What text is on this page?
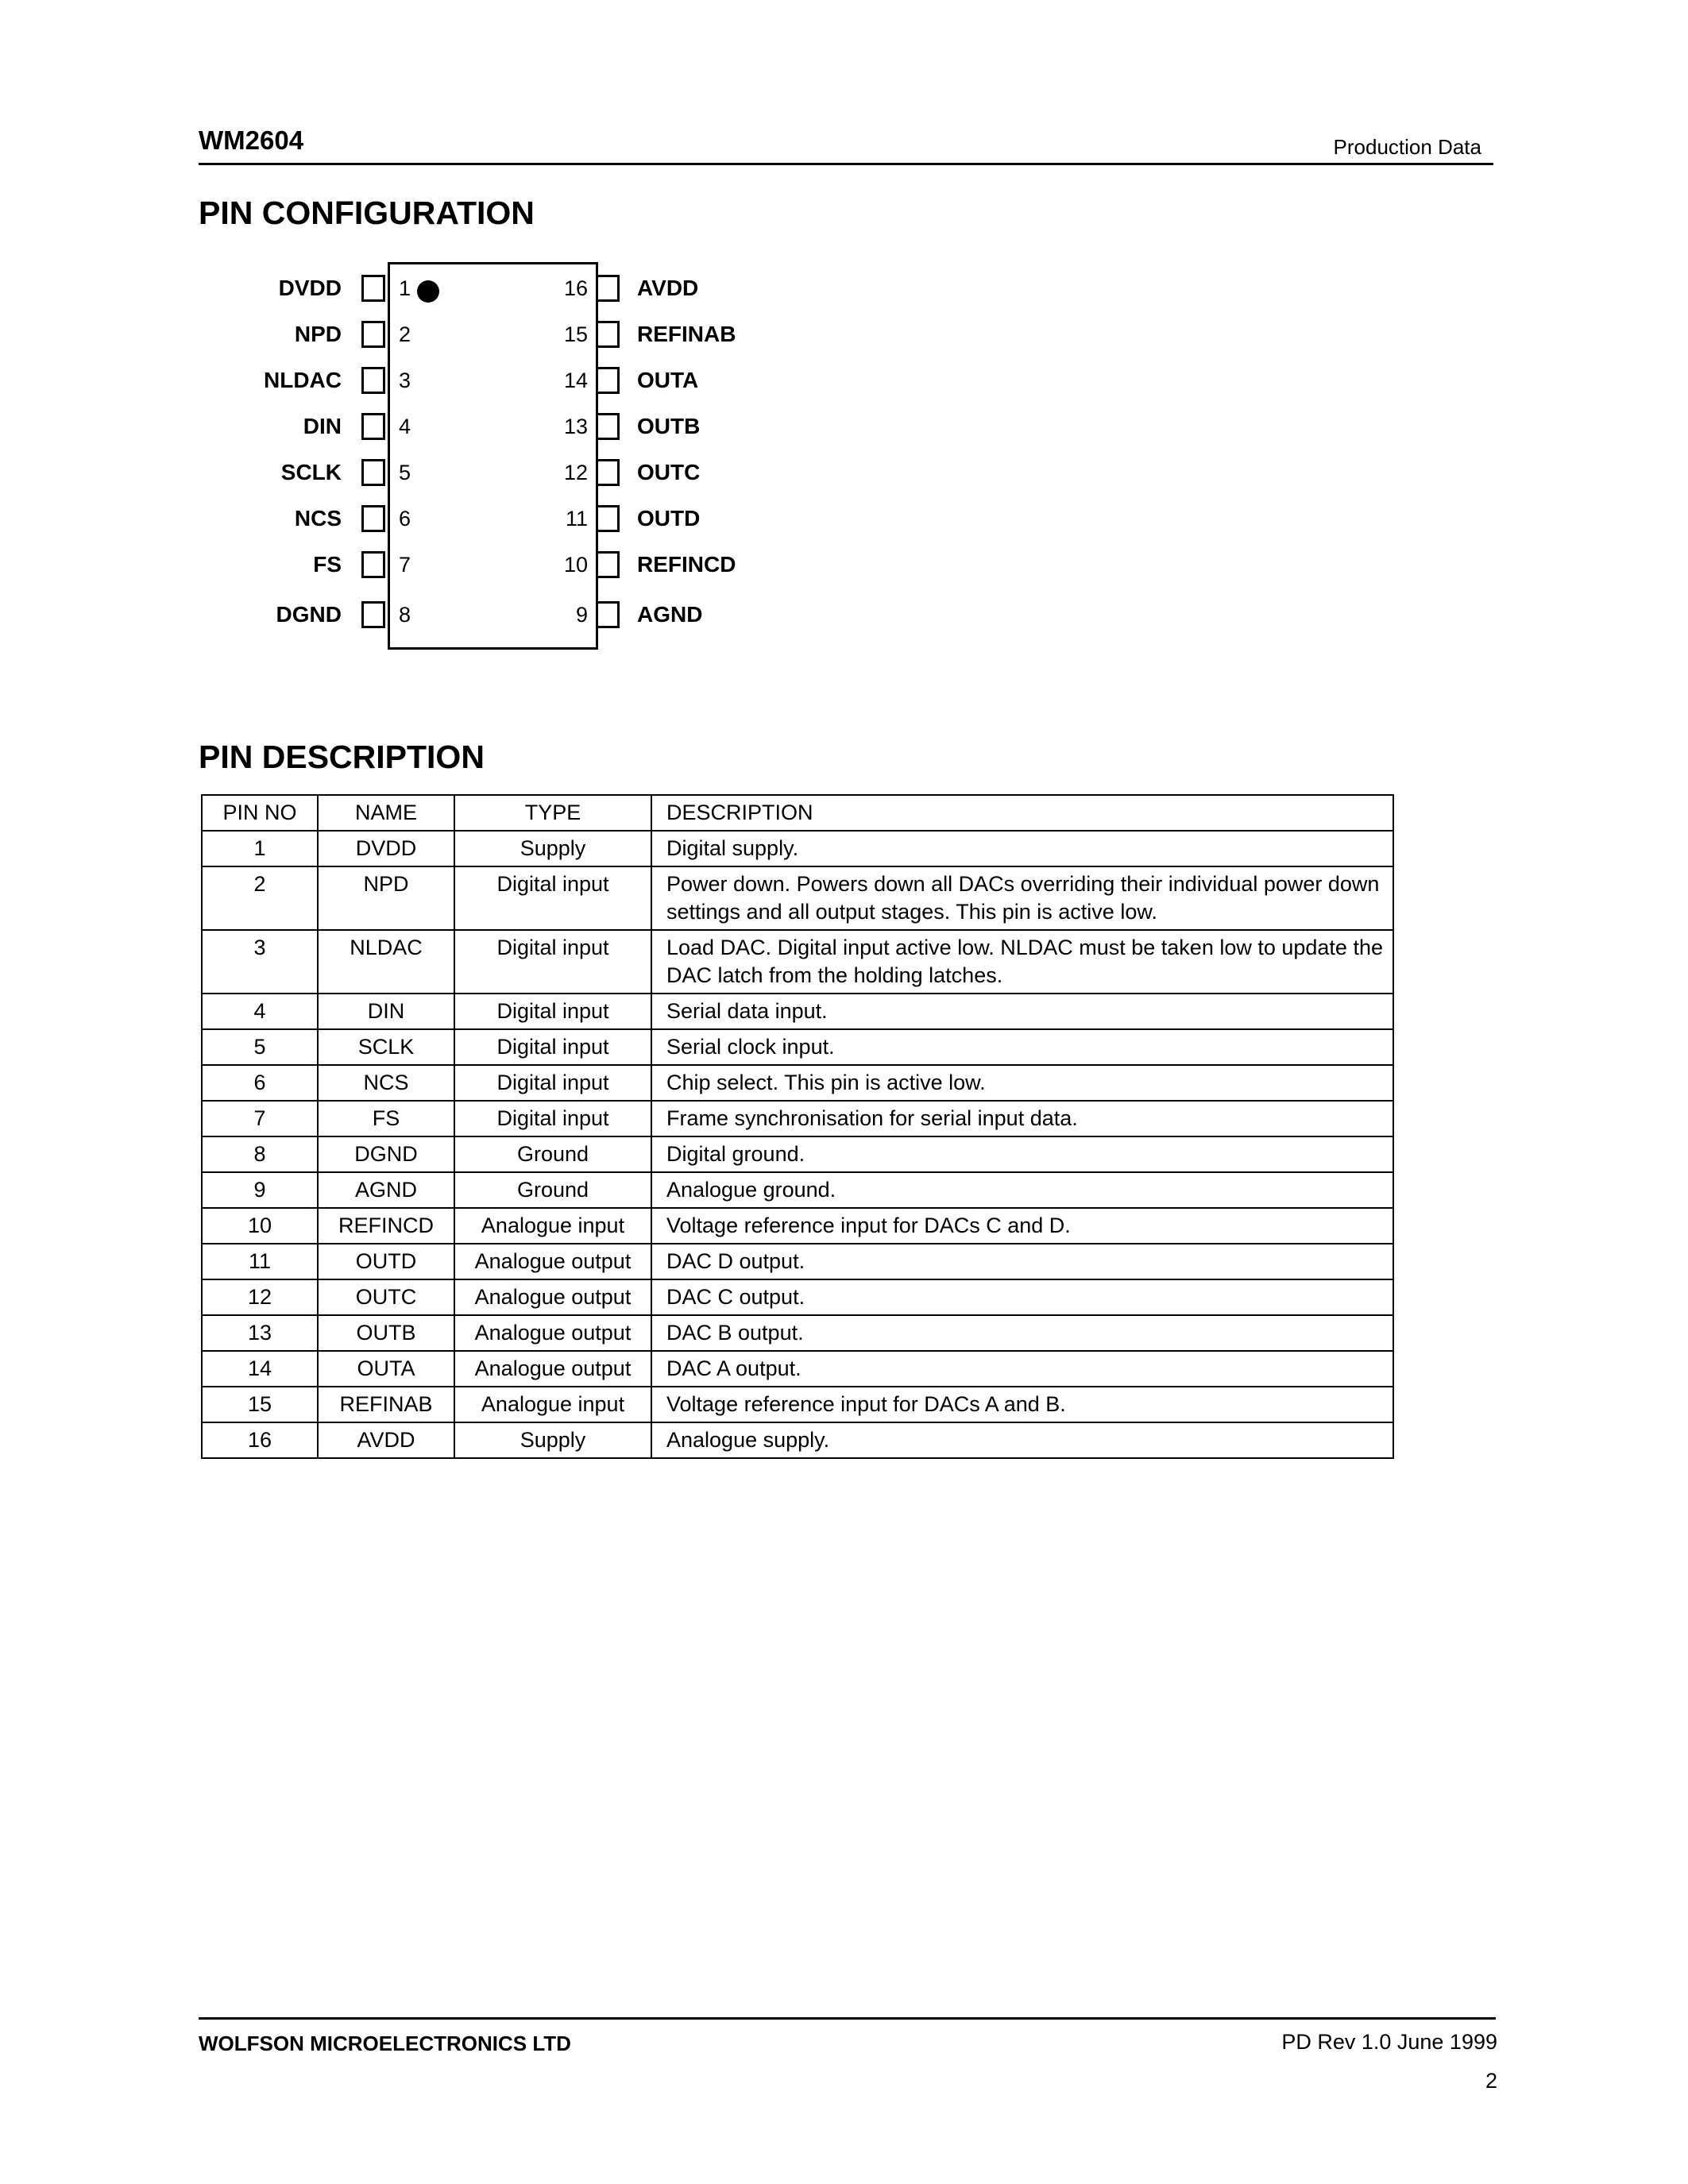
WM2604	Production Data
PIN CONFIGURATION
DVDD	1
NPD	2
NLDAC	3
DIN	4
SCLK	5
NCS	6
FS	7
DGND	8
16 AVDD
15 REFINAB
14 OUTA
13 OUTB
12 OUTC
11 OUTD
10 REFINCD
9 AGND
PIN DESCRIPTION
PIN NO	NAME	TYPE	DESCRIPTION
1	DVDD	Supply	Digital supply.
2	NPD	Digital input	Power down. Powers down all DACs overriding their individual power down settings and all output stages. This pin is active low.
3	NLDAC	Digital input	Load DAC. Digital input active low. NLDAC must be taken low to update the DAC latch from the holding latches.
4	DIN	Digital input	Serial data input.
5	SCLK	Digital input	Serial clock input.
6	NCS	Digital input	Chip select. This pin is active low.
7	FS	Digital input	Frame synchronisation for serial input data.
8	DGND	Ground	Digital ground.
9	AGND	Ground	Analogue ground.
10	REFINCD	Analogue input	Voltage reference input for DACs C and D.
11	OUTD	Analogue output	DAC D output.
12	OUTC	Analogue output	DAC C output.
13	OUTB	Analogue output	DAC B output.
14	OUTA	Analogue output	DAC A output.
15	REFINAB	Analogue input	Voltage reference input for DACs A and B.
16	AVDD	Supply	Analogue supply.
WOLFSON MICROELECTRONICS LTD	PD Rev 1.0 June 1999
2
